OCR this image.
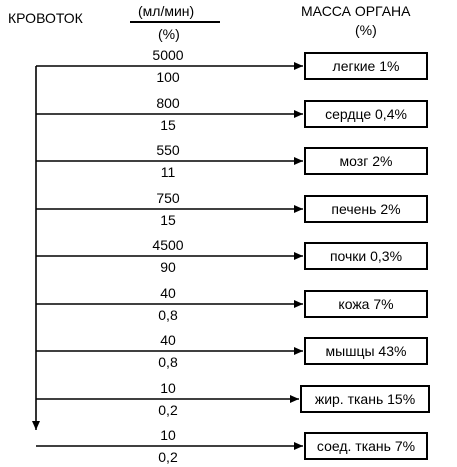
КРОВОТОК	(мл/мин)
(%)
МАССА ОРГАНА
(%)
5000
100
легкие 1%
800
15
сердце 0,4%
550
11
мозг 2%
750
15
печень 2%
4500
90
почки 0,3%
40
0,8
кожа 7%
40
0,8
мышцы 43%
10
0,2
жир. ткань 15%
10
0,2
соед. ткань 7%
